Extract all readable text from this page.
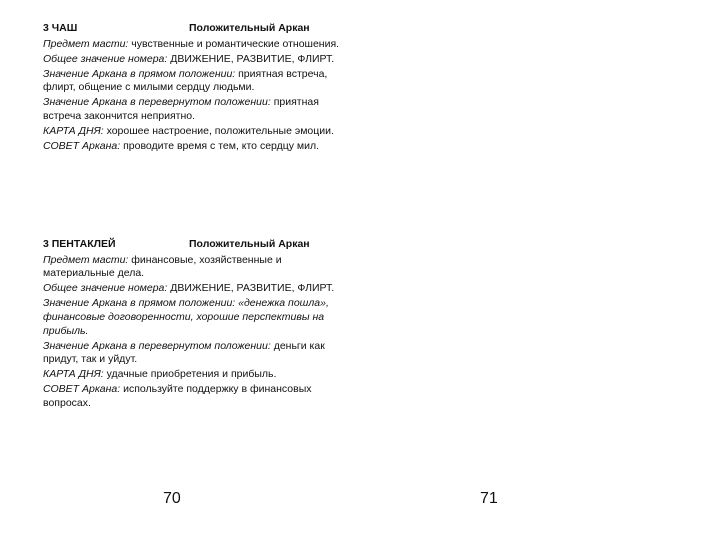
3 ЧАШ	Положительный Аркан

Предмет масти: чувственные и романтические отношения.

Общее значение номера: ДВИЖЕНИЕ, РАЗВИТИЕ, ФЛИРТ.

Значение Аркана в прямом положении: приятная встреча, флирт, общение с милыми сердцу людьми.

Значение Аркана в перевернутом положении: приятная встреча закончится неприятно.

КАРТА ДНЯ: хорошее настроение, положительные эмоции.

СОВЕТ Аркана: проводите время с тем, кто сердцу мил.

3 ПЕНТАКЛЕЙ	Положительный Аркан

Предмет масти: финансовые, хозяйственные и материальные дела.

Общее значение номера: ДВИЖЕНИЕ, РАЗВИТИЕ, ФЛИРТ.

Значение Аркана в прямом положении: «денежка пошла», финансовые договоренности, хорошие перспективы на прибыль.

Значение Аркана в перевернутом положении: деньги как придут, так и уйдут.

КАРТА ДНЯ: удачные приобретения и прибыль.

СОВЕТ Аркана: используйте поддержку в финансовых вопросах.

70	71
